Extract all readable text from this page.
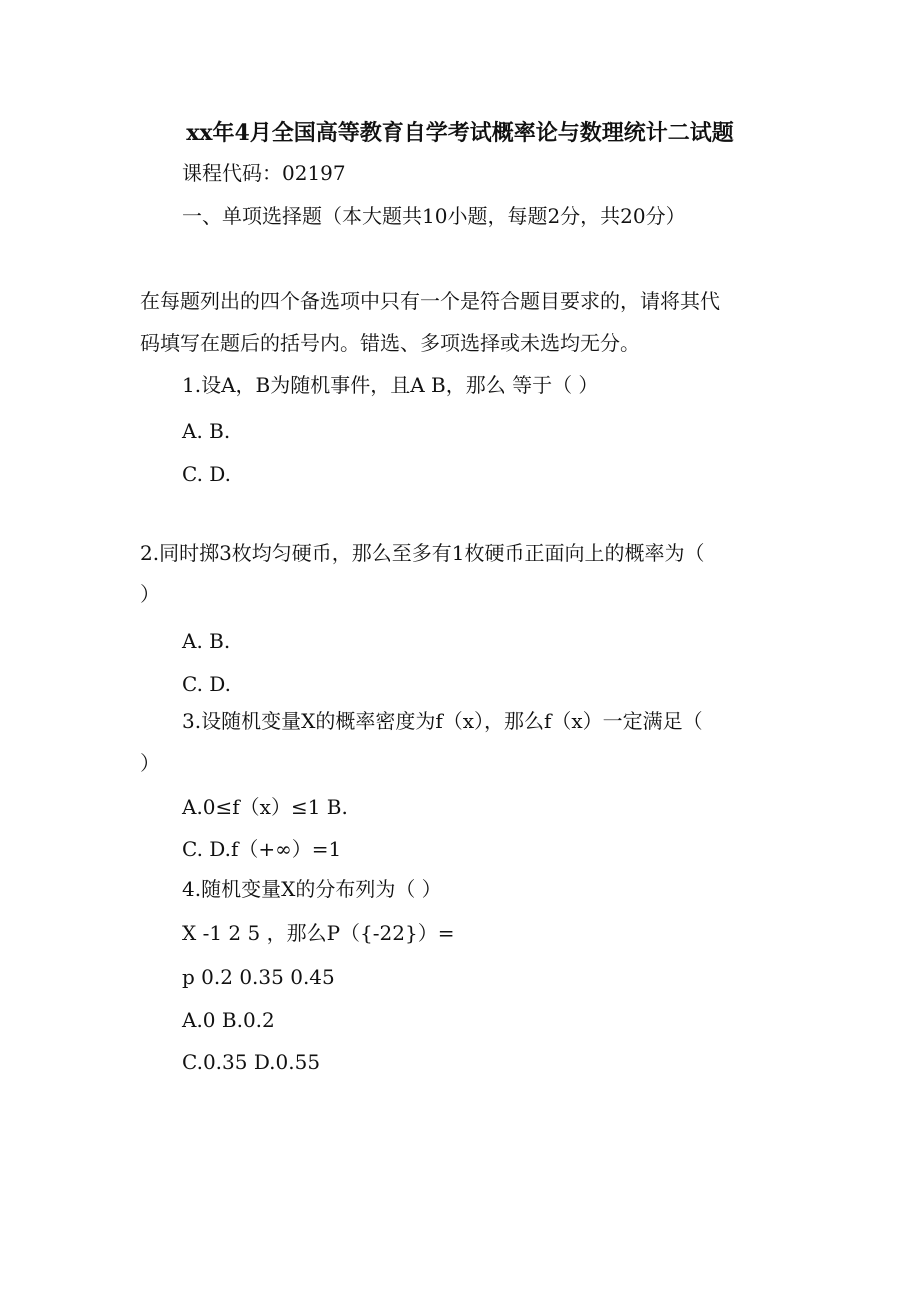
xx年4月全国高等教育自学考试概率论与数理统计二试题
课程代码：02197
一、单项选择题（本大题共10小题，每题2分，共20分）
在每题列出的四个备选项中只有一个是符合题目要求的，请将其代
码填写在题后的括号内。错选、多项选择或未选均无分。
1.设A，B为随机事件，且A B，那么 等于（ ）
A. B.
C. D.
2.同时掷3枚均匀硬币，那么至多有1枚硬币正面向上的概率为（
）
A. B.
C. D.
3.设随机变量X的概率密度为f（x），那么f（x）一定满足（
）
A.0≤f（x）≤1 B.
C. D.f（+∞）=1
4.随机变量X的分布列为（ ）
X -1 2 5 ，那么P（{-22}）=
p 0.2 0.35 0.45
A.0 B.0.2
C.0.35 D.0.55
